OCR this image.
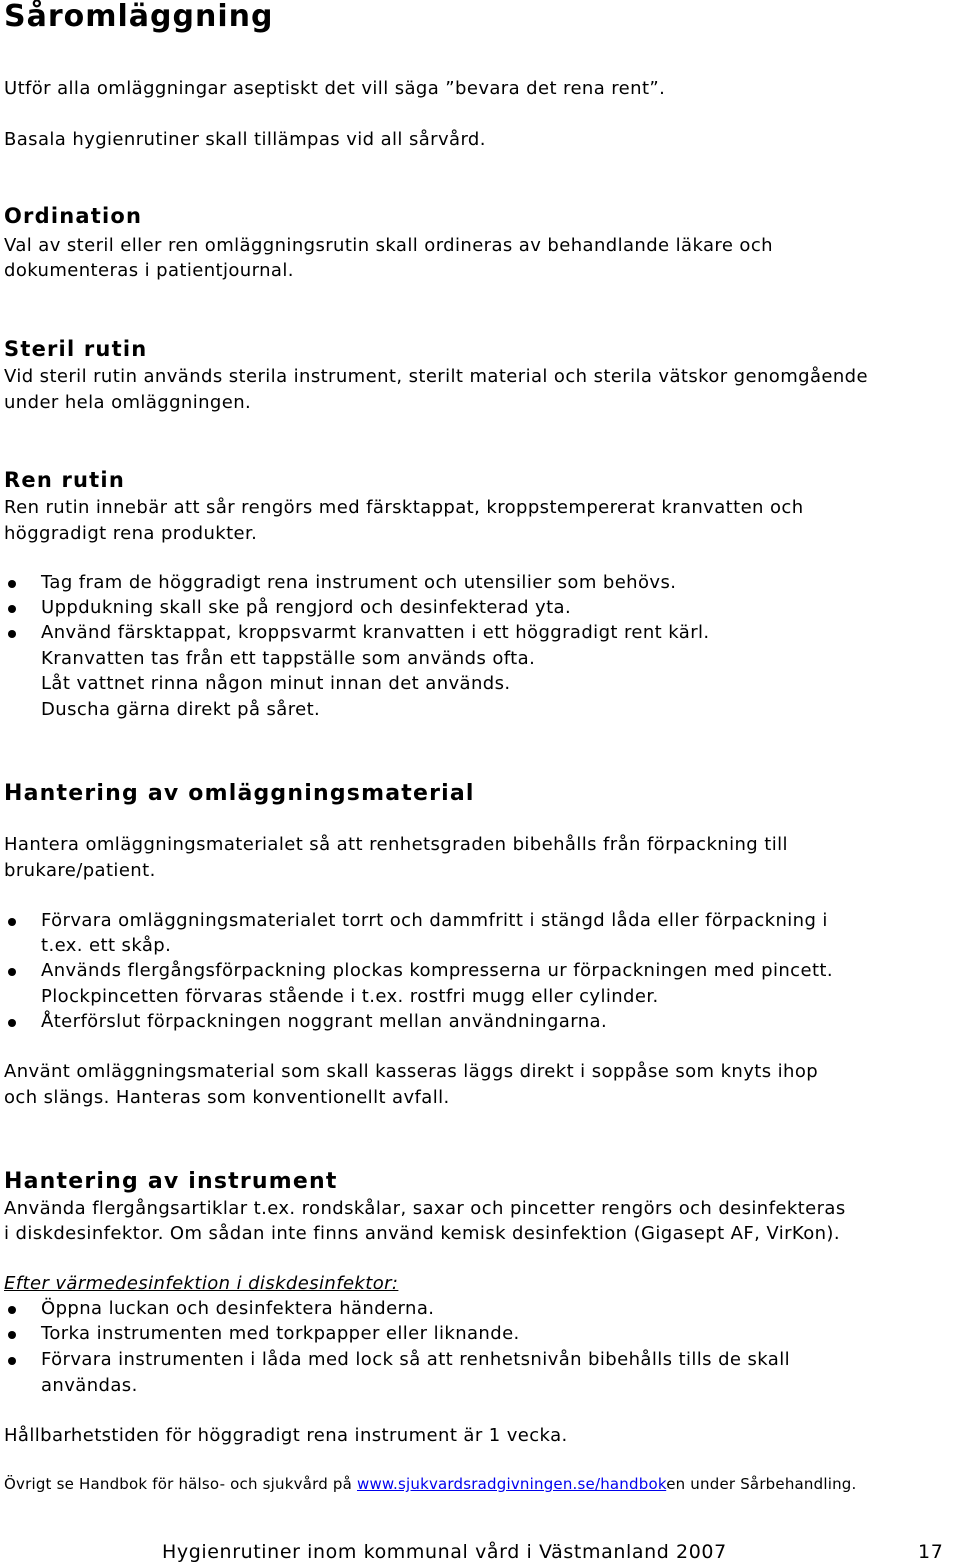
Såromläggning
Utför alla omläggningar aseptiskt det vill säga ”bevara det rena rent”.
Basala hygienrutiner skall tillämpas vid all sårvård.
Ordination
Val av steril eller ren omläggningsrutin skall ordineras av behandlande läkare och
dokumenteras i patientjournal.
Steril rutin
Vid steril rutin används sterila instrument, sterilt material och sterila vätskor genomgående
under hela omläggningen.
Ren rutin
Ren rutin innebär att sår rengörs med färsktappat, kroppstempererat kranvatten och
höggradigt rena produkter.
Tag fram de höggradigt rena instrument och utensilier som behövs.
Uppdukning skall ske på rengjord och desinfekterad yta.
Använd färsktappat, kroppsvarmt kranvatten i ett höggradigt rent kärl.
Kranvatten tas från ett tappställe som används ofta.
Låt vattnet rinna någon minut innan det används.
Duscha gärna direkt på såret.
Hantering av omläggningsmaterial
Hantera omläggningsmaterialet så att renhetsgraden bibehålls från förpackning till
brukare/patient.
Förvara omläggningsmaterialet torrt och dammfritt i stängd låda eller förpackning i
t.ex. ett skåp.
Används flergångsförpackning plockas kompresserna ur förpackningen med pincett.
Plockpincetten förvaras stående i t.ex. rostfri mugg eller cylinder.
Återförslut förpackningen noggrant mellan användningarna.
Använt omläggningsmaterial som skall kasseras läggs direkt i soppåse som knyts ihop
och slängs. Hanteras som konventionellt avfall.
Hantering av instrument
Använda flergångsartiklar t.ex. rondskålar, saxar och pincetter rengörs och desinfekteras
i diskdesinfektor. Om sådan inte finns använd kemisk desinfektion (Gigasept AF, VirKon).
Efter värmedesinfektion i diskdesinfektor:
Öppna luckan och desinfektera händerna.
Torka instrumenten med torkpapper eller liknande.
Förvara instrumenten i låda med lock så att renhetsnivån bibehålls tills de skall
användas.
Hållbarhetstiden för höggradigt rena instrument är 1 vecka.
Övrigt se Handbok för hälso- och sjukvård på www.sjukvardsradgivningen.se/handboken under Sårbehandling.
Hygienrutiner inom kommunal vård i Västmanland 2007	17
